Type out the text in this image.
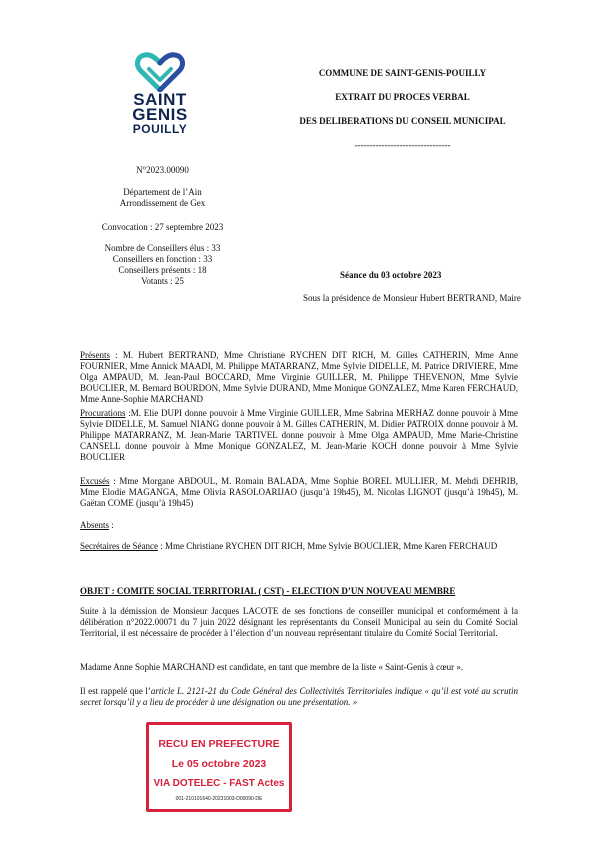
SAINT
GENIS
POUILLY

N°2023.00090

Département de l’Ain

Arrondissement de Gex

Convocation : 27 septembre 2023

Nombre de Conseillers élus : 33

Conseillers en fonction : 33

Conseillers présents : 18

Votants : 25

COMMUNE DE SAINT-GENIS-POUILLY

EXTRAIT DU PROCES VERBAL

DES DELIBERATIONS DU CONSEIL MUNICIPAL

--------------------------------

Séance du 03 octobre 2023
Sous la présidence de Monsieur Hubert BERTRAND, Maire

Présents : M. Hubert BERTRAND, Mme Christiane RYCHEN DIT RICH, M. Gilles CATHERIN, Mme Anne FOURNIER, Mme Annick MAADI, M. Philippe MATARRANZ, Mme Sylvie DIDELLE, M. Patrice DRIVIERE, Mme Olga AMPAUD, M. Jean-Paul BOCCARD, Mme Virginie GUILLER, M. Philippe THEVENON, Mme Sylvie BOUCLIER, M. Bernard BOURDON, Mme Sylvie DURAND, Mme Monique GONZALEZ, Mme Karen FERCHAUD, Mme Anne-Sophie MARCHAND

Procurations :M. Elie DUPI donne pouvoir à Mme Virginie GUILLER, Mme Sabrina MERHAZ donne pouvoir à Mme Sylvie DIDELLE, M. Samuel NIANG donne pouvoir à M. Gilles CATHERIN, M. Didier PATROIX donne pouvoir à M. Philippe MATARRANZ, M. Jean-Marie TARTIVEL donne pouvoir à Mme Olga AMPAUD, Mme Marie-Christine CANSELL donne pouvoir à Mme Monique GONZALEZ, M. Jean-Marie KOCH donne pouvoir à Mme Sylvie BOUCLIER

Excusés : Mme Morgane ABDOUL, M. Romain BALADA, Mme Sophie BOREL MULLIER, M. Mehdi DEHRIB, Mme Elodie MAGANGA, Mme Olivia RASOLOARIJAO (jusqu’à 19h45), M. Nicolas LIGNOT (jusqu’à 19h45), M. Gaëtan COME (jusqu’à 19h45)

Absents :

Secrétaires de Séance : Mme Christiane RYCHEN DIT RICH, Mme Sylvie BOUCLIER, Mme Karen FERCHAUD

OBJET : COMITE SOCIAL TERRITORIAL ( CST) - ELECTION D’UN NOUVEAU MEMBRE

Suite à la démission de Monsieur Jacques LACOTE de ses fonctions de conseiller municipal et conformément à la délibération n°2022.00071 du 7 juin 2022 désignant les représentants du Conseil Municipal au sein du Comité Social Territorial, il est nécessaire de procéder à l’élection d’un nouveau représentant titulaire du Comité Social Territorial.

Madame Anne Sophie MARCHAND est candidate, en tant que membre de la liste « Saint-Genis à cœur ».

Il est rappelé que l’article L. 2121-21 du Code Général des Collectivités Territoriales indique « qu’il est voté au scrutin secret lorsqu’il y a lieu de procéder à une désignation ou une présentation. »

RECU EN PREFECTURE
Le 05 octobre 2023
VIA DOTELEC - FAST Actes
001-210101640-20231003-D00090-DE
